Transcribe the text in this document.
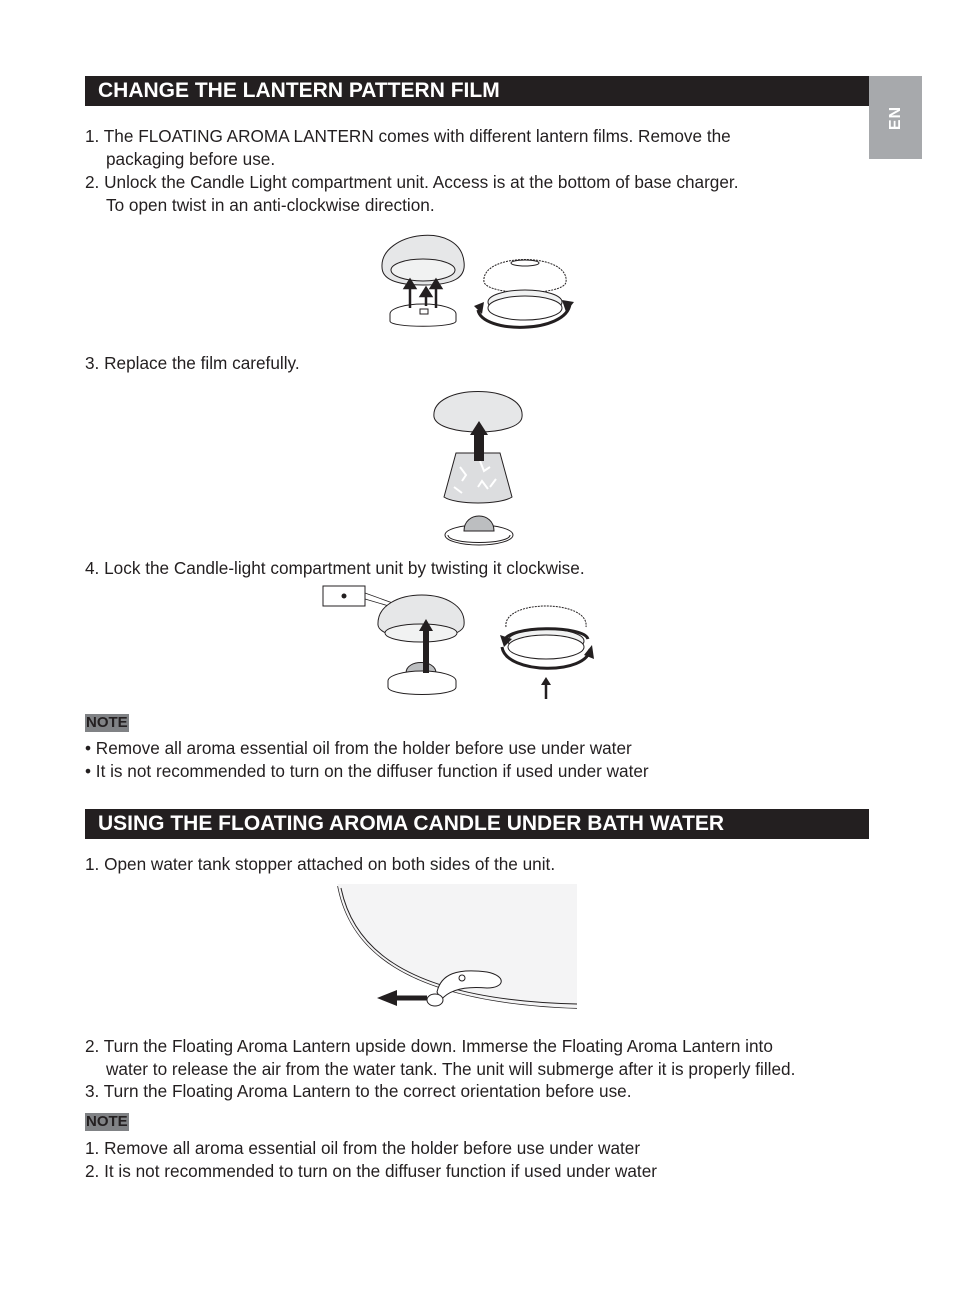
EN
CHANGE THE LANTERN PATTERN FILM
1. The FLOATING AROMA LANTERN comes with different lantern films. Remove the
packaging before use.
2. Unlock the Candle Light compartment unit. Access is at the bottom of base charger.
To open twist in an anti-clockwise direction.
3. Replace the film carefully.
4. Lock the Candle-light compartment unit by twisting it clockwise.
NOTE
• Remove all aroma essential oil from the holder before use under water
• It is not recommended to turn on the diffuser function if used under water
USING THE FLOATING AROMA CANDLE UNDER BATH WATER
1. Open water tank stopper attached on both sides of the unit.
2. Turn the Floating Aroma Lantern upside down. Immerse the Floating Aroma Lantern into
water to release the air from the water tank. The unit will submerge after it is properly filled.
3. Turn the Floating Aroma Lantern to the correct orientation before use.
NOTE
1. Remove all aroma essential oil from the holder before use under water
2. It is not recommended to turn on the diffuser function if used under water
